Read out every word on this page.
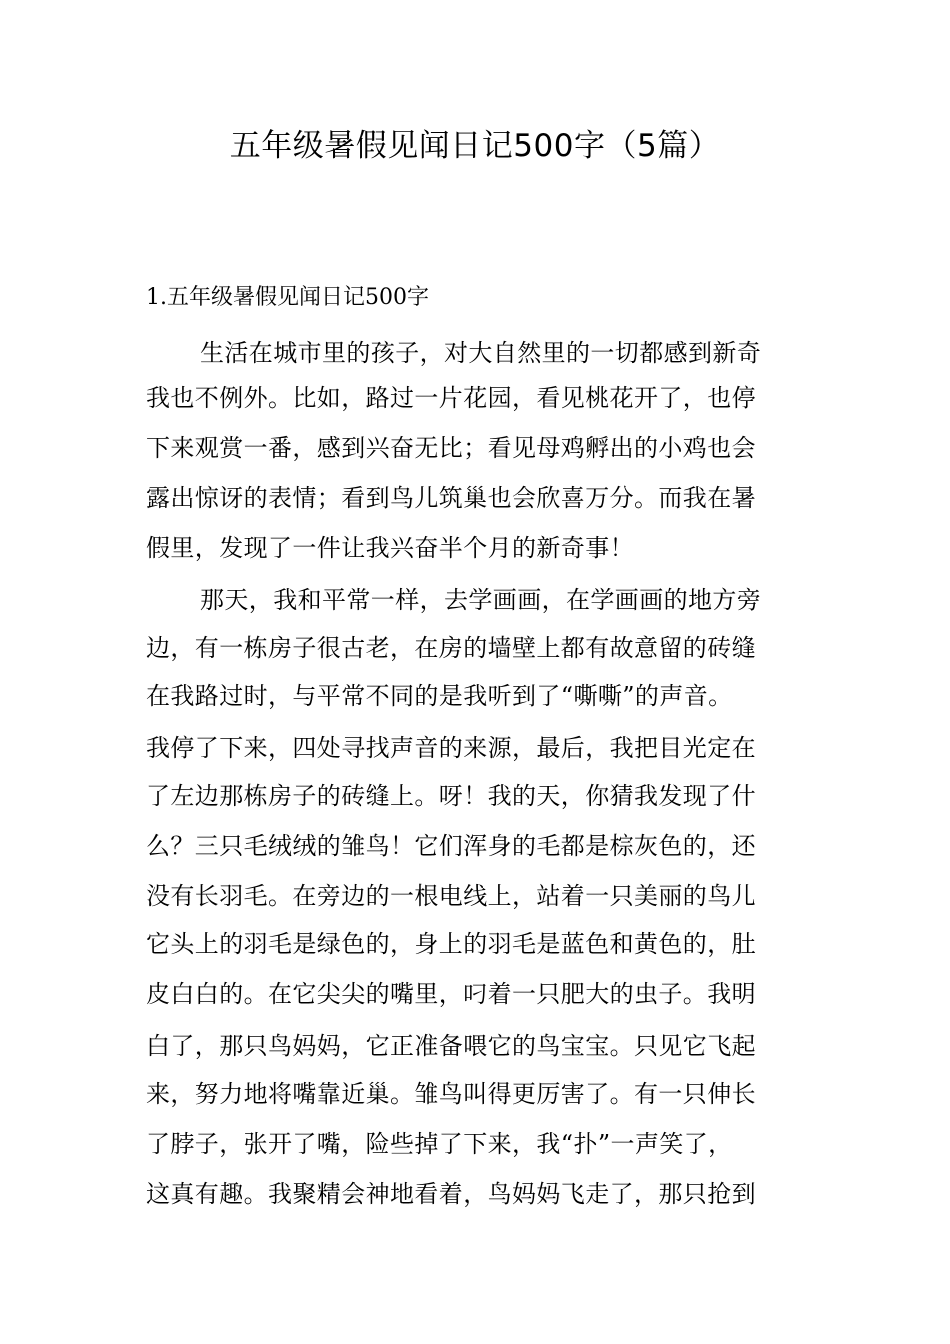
五年级暑假见闻日记500字（5篇）
1.五年级暑假见闻日记500字
生活在城市里的孩子，对大自然里的一切都感到新奇
我也不例外。比如，路过一片花园，看见桃花开了，也停
下来观赏一番，感到兴奋无比；看见母鸡孵出的小鸡也会
露出惊讶的表情；看到鸟儿筑巢也会欣喜万分。而我在暑
假里，发现了一件让我兴奋半个月的新奇事！
那天，我和平常一样，去学画画，在学画画的地方旁
边，有一栋房子很古老，在房的墙壁上都有故意留的砖缝
在我路过时，与平常不同的是我听到了“嘶嘶”的声音。
我停了下来，四处寻找声音的来源，最后，我把目光定在
了左边那栋房子的砖缝上。呀！我的天，你猜我发现了什
么？三只毛绒绒的雏鸟！它们浑身的毛都是棕灰色的，还
没有长羽毛。在旁边的一根电线上，站着一只美丽的鸟儿
它头上的羽毛是绿色的，身上的羽毛是蓝色和黄色的，肚
皮白白的。在它尖尖的嘴里，叼着一只肥大的虫子。我明
白了，那只鸟妈妈，它正准备喂它的鸟宝宝。只见它飞起
来，努力地将嘴靠近巢。雏鸟叫得更厉害了。有一只伸长
了脖子，张开了嘴，险些掉了下来，我“扑”一声笑了，
这真有趣。我聚精会神地看着，鸟妈妈飞走了，那只抢到
